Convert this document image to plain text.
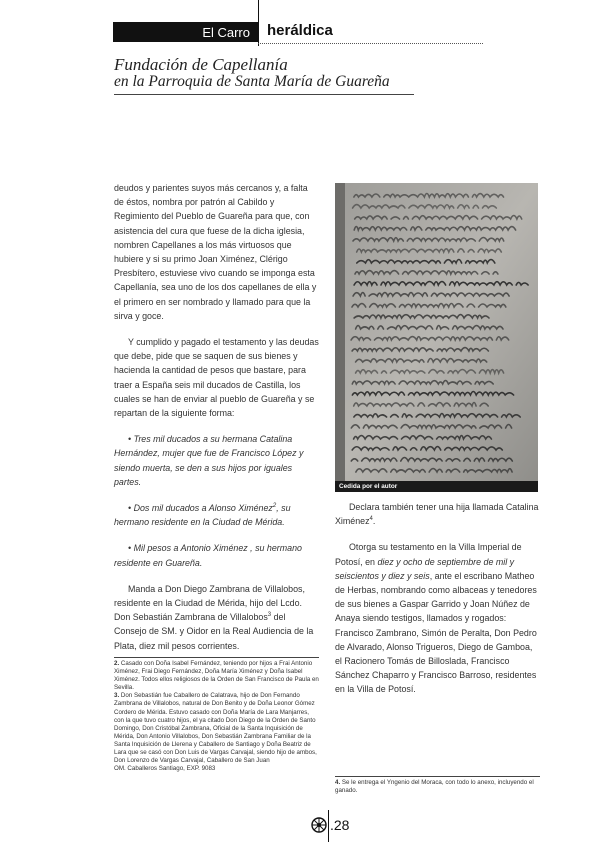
El Carro	heráldica
Fundación de Capellanía
en la Parroquia de Santa María de Guareña

deudos y parientes suyos más cercanos y, a falta de éstos, nombra por patrón al Cabildo y Regimiento del Pueblo de Guareña para que, con asistencia del cura que fuese de la dicha iglesia, nombren Capellanes a los más virtuosos que hubiere y si su primo Joan Ximénez, Clérigo Presbítero, estuviese vivo cuando se imponga esta Capellanía, sea uno de los dos capellanes de ella y el primero en ser nombrado y llamado para que la sirva y goce.

Y cumplido y pagado el testamento y las deudas que debe, pide que se saquen de sus bienes y hacienda la cantidad de pesos que bastare, para traer a España seis mil ducados de Castilla, los cuales se han de enviar al pueblo de Guareña y se repartan de la siguiente forma:

• Tres mil ducados a su hermana Catalina Hernández, mujer que fue de Francisco López y siendo muerta, se den a sus hijos por iguales partes.

• Dos mil ducados a Alonso Ximénez$^2$, su hermano residente en la Ciudad de Mérida.

• Mil pesos a Antonio Ximénez , su hermano residente en Guareña.

Manda a Don Diego Zambrana de Villalobos, residente en la Ciudad de Mérida, hijo del Lcdo. Don Sebastián Zambrana de Villalobos$^3$ del Consejo de SM. y Oidor en la Real Audiencia de la Plata, diez mil pesos corrientes.

2. Casado con Doña Isabel Fernández, teniendo por hijos a Frai Antonio Ximénez, Frai Diego Fernández, Doña María Ximénez y Doña Isabel Ximénez. Todos ellos religiosos de la Orden de San Francisco de Paula en Sevilla.

3. Don Sebastián fue Caballero de Calatrava, hijo de Don Fernando Zambrana de Villalobos, natural de Don Benito y de Doña Leonor Gómez Cordero de Mérida. Estuvo casado con Doña María de Lara Manjarres, con la que tuvo cuatro hijos, el ya citado Don Diego de la Orden de Santo Domingo, Don Cristóbal Zambrana, Oficial de la Santa Inquisición de Mérida, Don Antonio Villalobos, Don Sebastián Zambrana Familiar de la Santa Inquisición de Llerena y Caballero de Santiago y Doña Beatriz de Lara que se casó con Don Luis de Vargas Carvajal, siendo hijo de ambos, Don Lorenzo de Vargas Carvajal, Caballero de San Juan

OM. Caballeros Santiago, EXP. 9083

Cedida por el autor

Declara también tener una hija llamada Catalina Ximénez$^4$.

Otorga su testamento en la Villa Imperial de Potosí, en diez y ocho de septiembre de mil y seiscientos y diez y seis, ante el escribano Matheo de Herbas, nombrando como albaceas y tenedores de sus bienes a Gaspar Garrido y Joan Núñez de Anaya siendo testigos, llamados y rogados: Francisco Zambrano, Simón de Peralta, Don Pedro de Alvarado, Alonso Trigueros, Diego de Gamboa, el Racionero Tomás de Billoslada, Francisco Sánchez Chaparro y Francisco Barroso, residentes en la Villa de Potosí.

4. Se le entrega el Yngenio del Moraca, con todo lo anexo, incluyendo el ganado.

.28
